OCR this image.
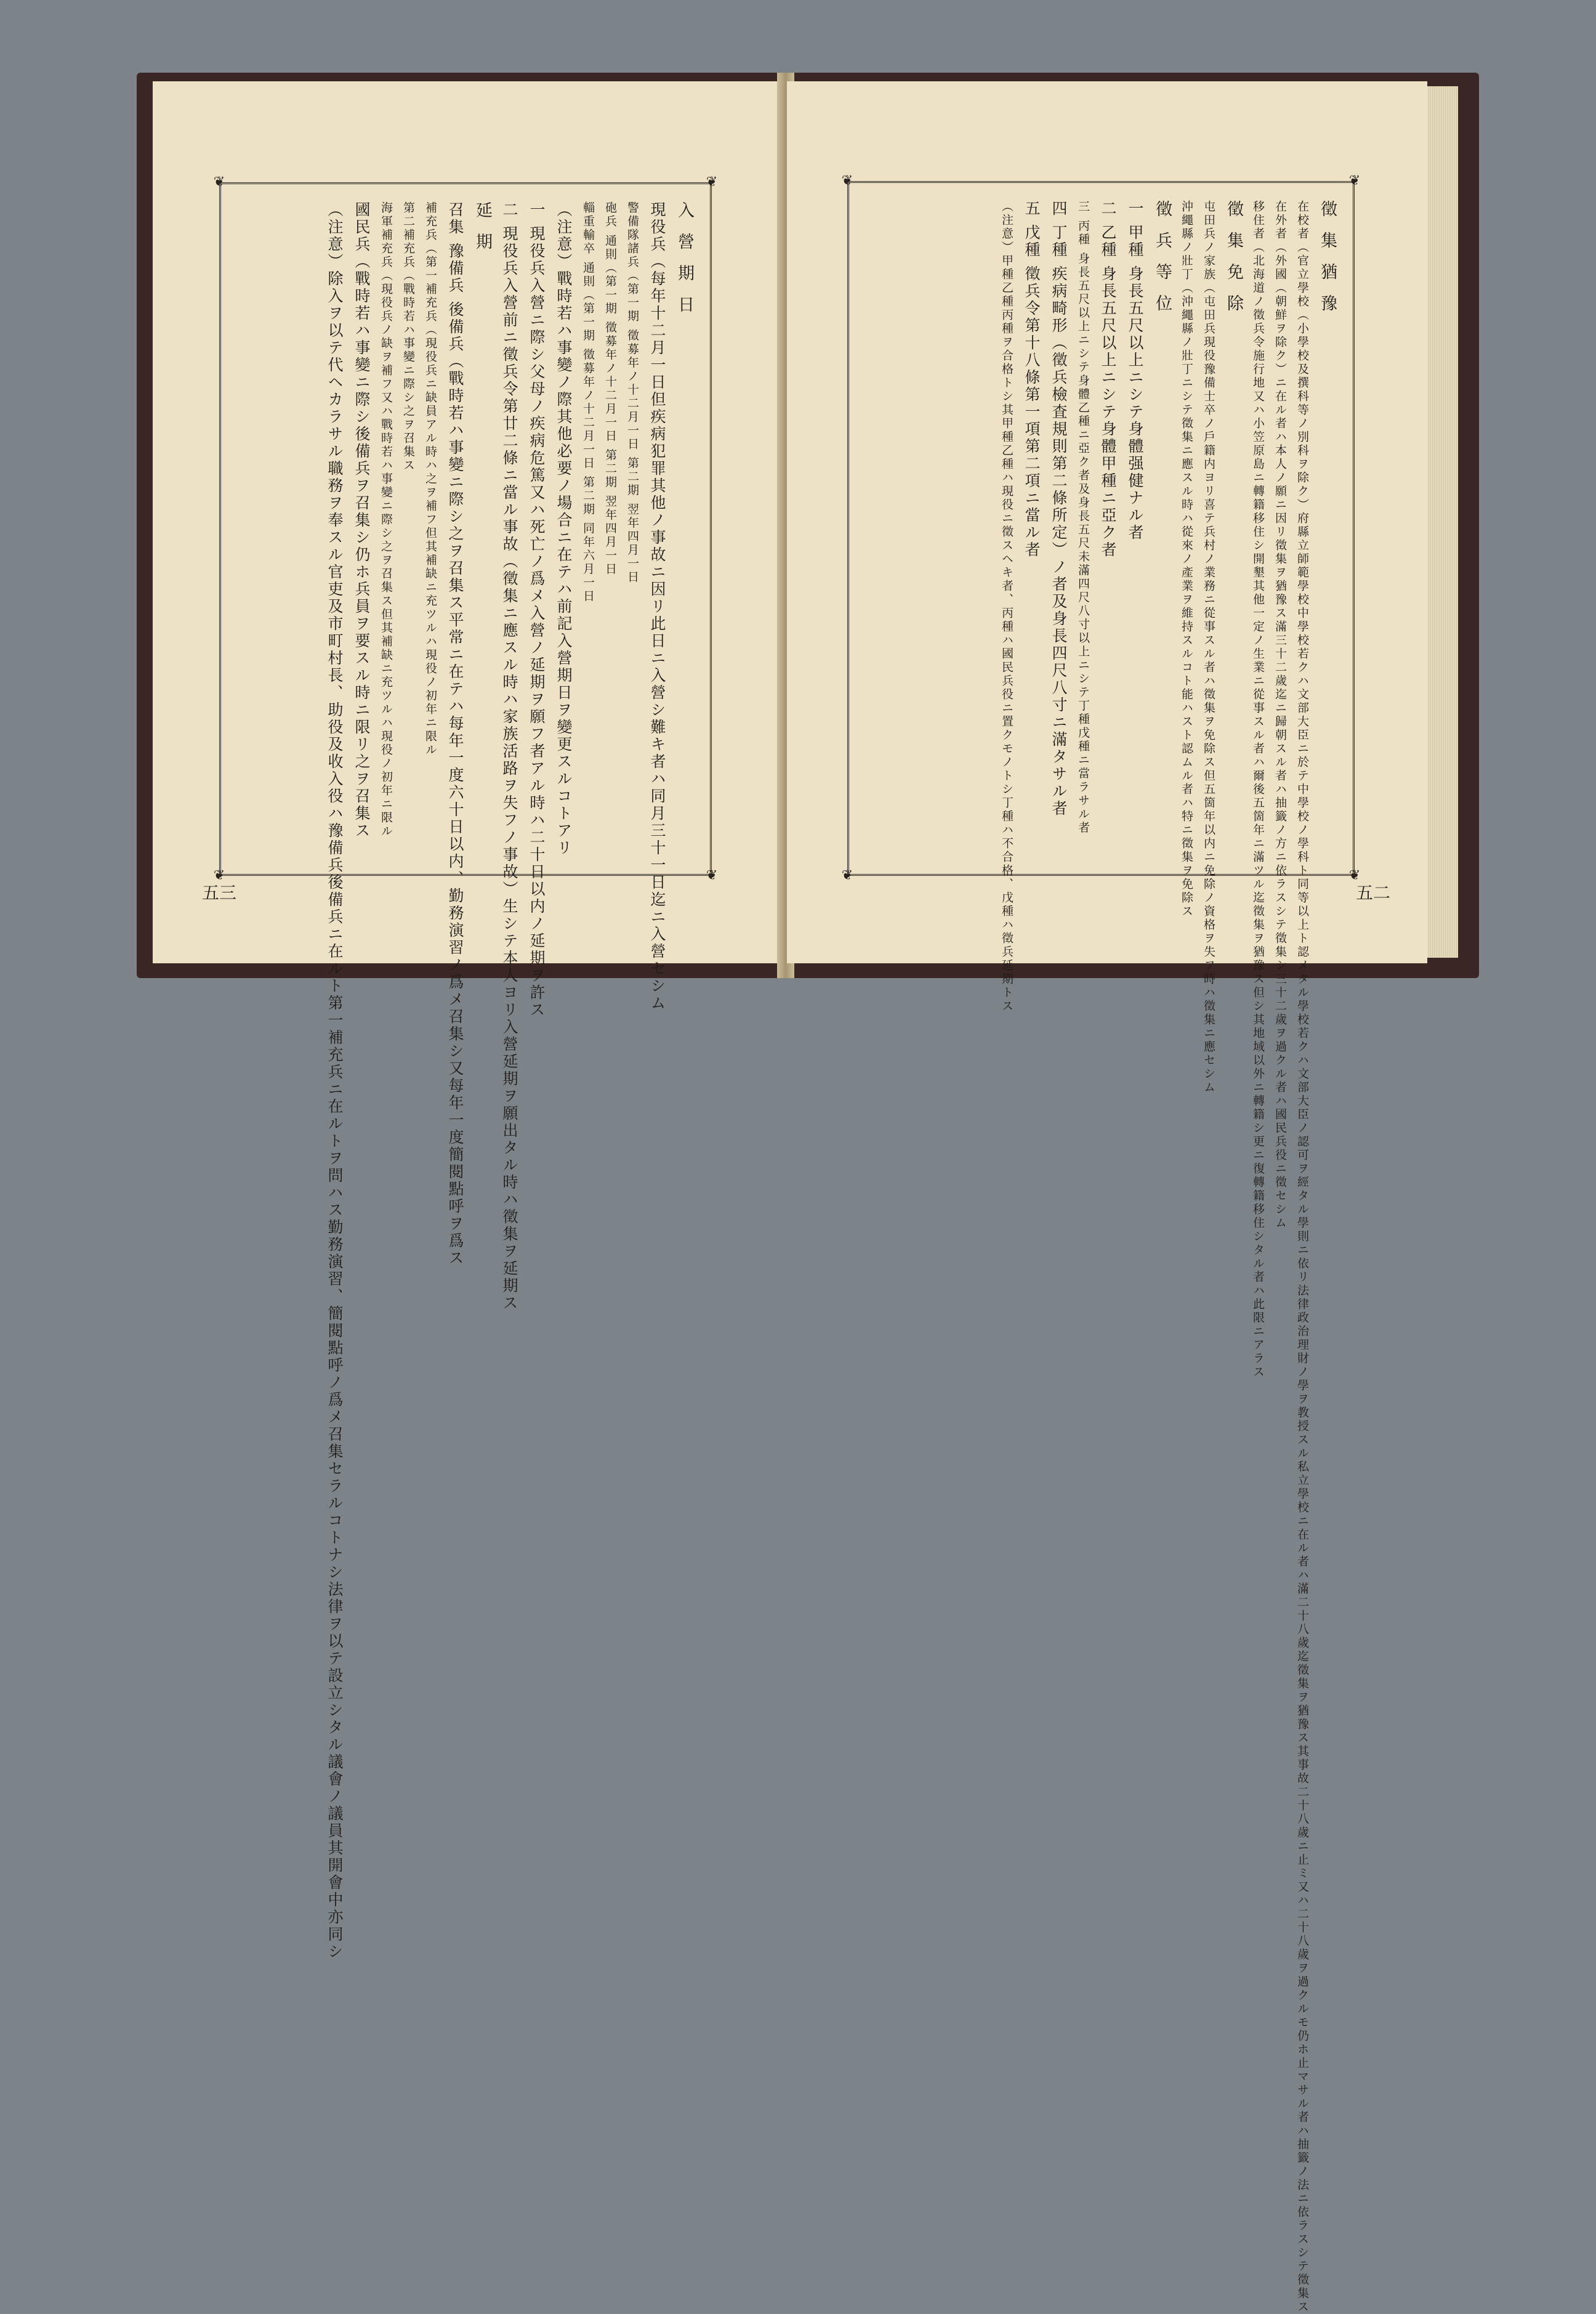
❦	❦
❦	❦
入營期日
現役兵（每年十二月一日但疾病犯罪其他ノ事故ニ因リ此日ニ入營シ難キ者ハ同月三十一日迄ニ入營セシム
警備隊諸兵（第一期 徵募年ノ十二月一日 第二期 翌年四月一日
砲兵 通則（第一期 徵募年ノ十二月一日 第二期 翌年四月一日
輜重輸卒 通則（第一期 徵募年ノ十二月一日 第二期 同年六月一日
（注意）戰時若ハ事變ノ際其他必要ノ場合ニ在テハ前記入營期日ヲ變更スルコトアリ
一 現役兵入營ニ際シ父母ノ疾病危篤又ハ死亡ノ爲メ入營ノ延期ヲ願フ者アル時ハ二十日以内ノ延期ヲ許ス
二 現役兵入營前ニ徵兵令第廿二條ニ當ル事故（徵集ニ應スル時ハ家族活路ヲ失フノ事故）生シテ本人ヨリ入營延期ヲ願出タル時ハ徵集ヲ延期ス
延期
召集 豫備兵 後備兵（戰時若ハ事變ニ際シ之ヲ召集ス平常ニ在テハ每年一度六十日以内、勤務演習ノ爲メ召集シ又每年一度簡閱點呼ヲ爲ス
補充兵（第一補充兵（現役兵ニ缺員アル時ハ之ヲ補フ但其補缺ニ充ツルハ現役ノ初年ニ限ル
第二補充兵（戰時若ハ事變ニ際シ之ヲ召集ス
海軍補充兵（現役兵ノ缺ヲ補フ又ハ戰時若ハ事變ニ際シ之ヲ召集ス但其補缺ニ充ツルハ現役ノ初年ニ限ル
國民兵（戰時若ハ事變ニ際シ後備兵ヲ召集シ仍ホ兵員ヲ要スル時ニ限リ之ヲ召集ス
（注意）除入ヲ以テ代ヘカラサル職務ヲ奉スル官吏及市町村長、助役及收入役ハ豫備兵後備兵ニ在ルト第一補充兵ニ在ルトヲ問ハス勤務演習、簡閱點呼ノ爲メ召集セラルコトナシ法律ヲ以テ設立シタル議會ノ議員其開會中亦同シ
五三
❦	❦
❦	❦
徵集猶豫
在校者（官立學校（小學校及撰科等ノ別科ヲ除ク）府縣立師範學校中學校若クハ文部大臣ニ於テ中學校ノ學科ト同等以上ト認メタル學校若クハ文部大臣ノ認可ヲ經タル學則ニ依リ法律政治理財ノ學ヲ教授スル私立學校ニ在ル者ハ滿二十八歲迄徵集ヲ猶豫ス其事故二十八歲ニ止ミ又ハ二十八歲ヲ過クルモ仍ホ止マサル者ハ抽籤ノ法ニ依ラスシテ徵集ス
在外者（外國（朝鮮ヲ除ク）ニ在ル者ハ本人ノ願ニ因リ徵集ヲ猶豫ス滿三十二歲迄ニ歸朝スル者ハ抽籤ノ方ニ依ラスシテ徵集シ三十二歲ヲ過クル者ハ國民兵役ニ徵セシム
移住者（北海道ノ徵兵令施行地又ハ小笠原島ニ轉籍移住シ開墾其他一定ノ生業ニ從事スル者ハ爾後五箇年ニ滿ツル迄徵集ヲ猶豫ス但シ其地域以外ニ轉籍シ更ニ復轉籍移住シタル者ハ此限ニアラス
徵集免除
屯田兵ノ家族（屯田兵現役豫備士卒ノ戶籍内ヨリ喜テ兵村ノ業務ニ從事スル者ハ徵集ヲ免除ス但五箇年以内ニ免除ノ資格ヲ失フ時ハ徵集ニ應セシム
沖繩縣ノ壯丁（沖繩縣ノ壯丁ニシテ徵集ニ應スル時ハ從來ノ產業ヲ維持スルコト能ハスト認ムル者ハ特ニ徵集ヲ免除ス
徵兵等位
一 甲種 身長五尺以上ニシテ身體强健ナル者
二 乙種 身長五尺以上ニシテ身體甲種ニ亞ク者
三 丙種 身長五尺以上ニシテ身體乙種ニ亞ク者及身長五尺未滿四尺八寸以上ニシテ丁種戊種ニ當ラサル者
四 丁種 疾病畸形（徵兵檢査規則第二條所定）ノ者及身長四尺八寸ニ滿タサル者
五 戊種 徵兵令第十八條第一項第二項ニ當ル者
（注意）甲種乙種丙種ヲ合格トシ其甲種乙種ハ現役ニ徵スヘキ者、丙種ハ國民兵役ニ置クモノトシ丁種ハ不合格、戊種ハ徵兵延期トス	五二
